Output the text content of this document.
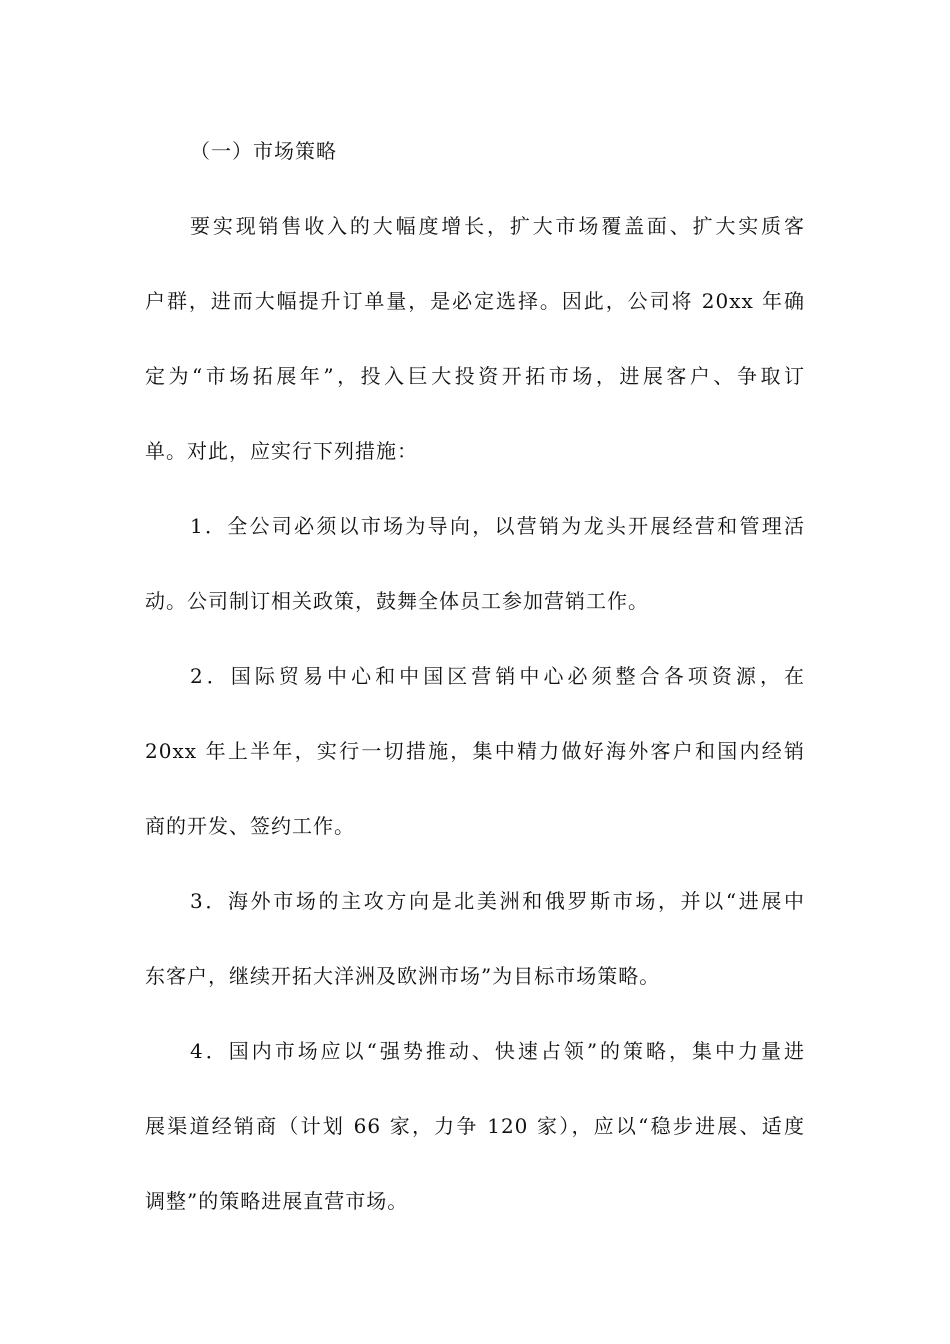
（一）市场策略
要实现销售收入的大幅度增长，扩大市场覆盖面、扩大实质客
户群，进而大幅提升订单量，是必定选择。因此，公司将 20xx 年确
定为“市场拓展年”，投入巨大投资开拓市场，进展客户、争取订
单。对此，应实行下列措施：
1．全公司必须以市场为导向，以营销为龙头开展经营和管理活
动。公司制订相关政策，鼓舞全体员工参加营销工作。
2．国际贸易中心和中国区营销中心必须整合各项资源，在
20xx 年上半年，实行一切措施，集中精力做好海外客户和国内经销
商的开发、签约工作。
3．海外市场的主攻方向是北美洲和俄罗斯市场，并以“进展中
东客户，继续开拓大洋洲及欧洲市场”为目标市场策略。
4．国内市场应以“强势推动、快速占领”的策略，集中力量进
展渠道经销商（计划 66 家，力争 120 家），应以“稳步进展、适度
调整”的策略进展直营市场。
